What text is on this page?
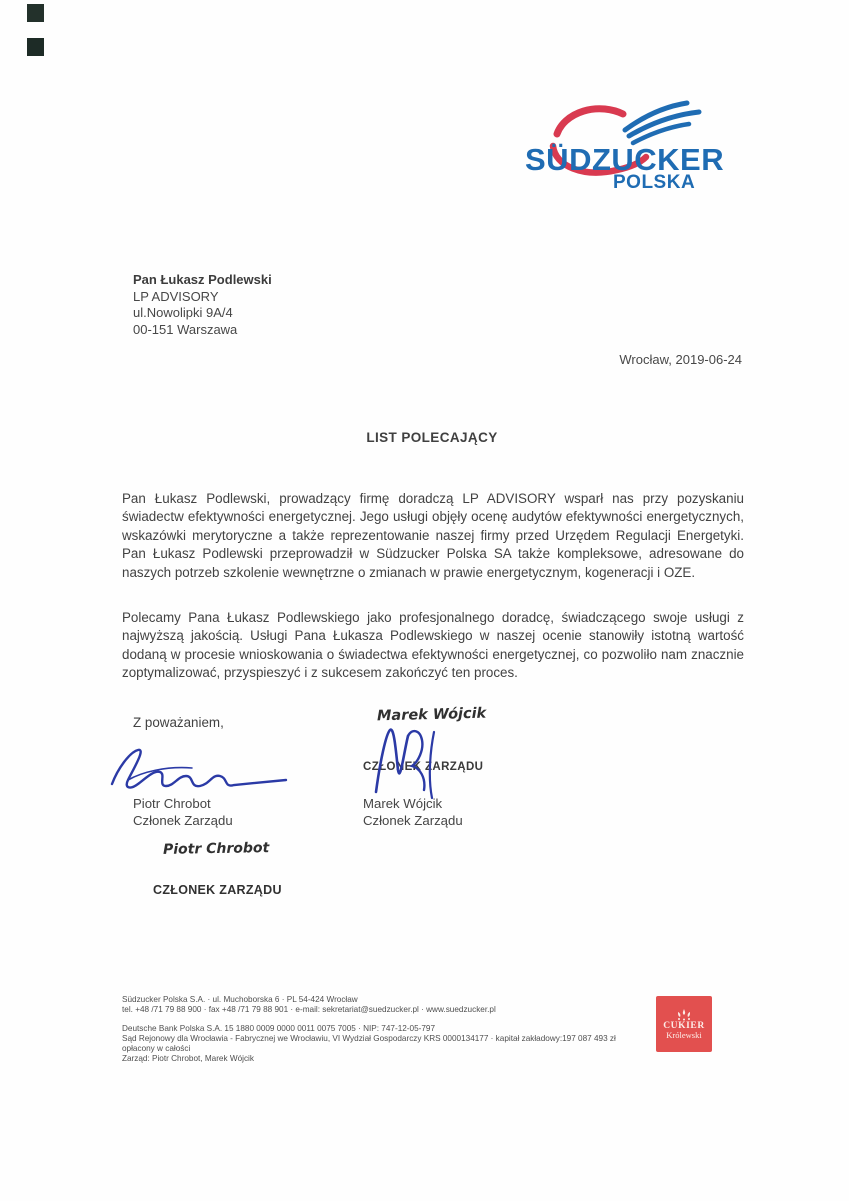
SÜDZUCKER
POLSKA
Pan Łukasz Podlewski
LP ADVISORY
ul.Nowolipki 9A/4
00-151 Warszawa
Wrocław, 2019-06-24
LIST POLECAJĄCY
Pan Łukasz Podlewski, prowadzący firmę doradczą LP ADVISORY wsparł nas przy pozyskaniu świadectw efektywności energetycznej. Jego usługi objęły ocenę audytów efektywności energetycznych, wskazówki merytoryczne a także reprezentowanie naszej firmy przed Urzędem Regulacji Energetyki. Pan Łukasz Podlewski przeprowadził w Südzucker Polska SA także kompleksowe, adresowane do naszych potrzeb szkolenie wewnętrzne o zmianach w prawie energetycznym, kogeneracji i OZE.
Polecamy Pana Łukasz Podlewskiego jako profesjonalnego doradcę, świadczącego swoje usługi z najwyższą jakością. Usługi Pana Łukasza Podlewskiego w naszej ocenie stanowiły istotną wartość dodaną w procesie wnioskowania o świadectwa efektywności energetycznej, co pozwoliło nam znacznie zoptymalizować, przyspieszyć i z sukcesem zakończyć ten proces.
Z poważaniem,	Marek Wójcik
CZŁONEK ZARZĄDU
Piotr Chrobot
Członek Zarządu
Marek Wójcik
Członek Zarządu
Piotr Chrobot
CZŁONEK ZARZĄDU
Südzucker Polska S.A. · ul. Muchoborska 6 · PL 54-424 Wrocław
tel. +48 /71 79 88 900 · fax +48 /71 79 88 901 · e-mail: sekretariat@suedzucker.pl · www.suedzucker.pl
Deutsche Bank Polska S.A. 15 1880 0009 0000 0011 0075 7005 · NIP: 747-12-05-797
Sąd Rejonowy dla Wrocławia - Fabrycznej we Wrocławiu, VI Wydział Gospodarczy KRS 0000134177 · kapitał zakładowy:197 087 493 zł opłacony w całości
Zarząd: Piotr Chrobot, Marek Wójcik
CUKIER
Królewski
